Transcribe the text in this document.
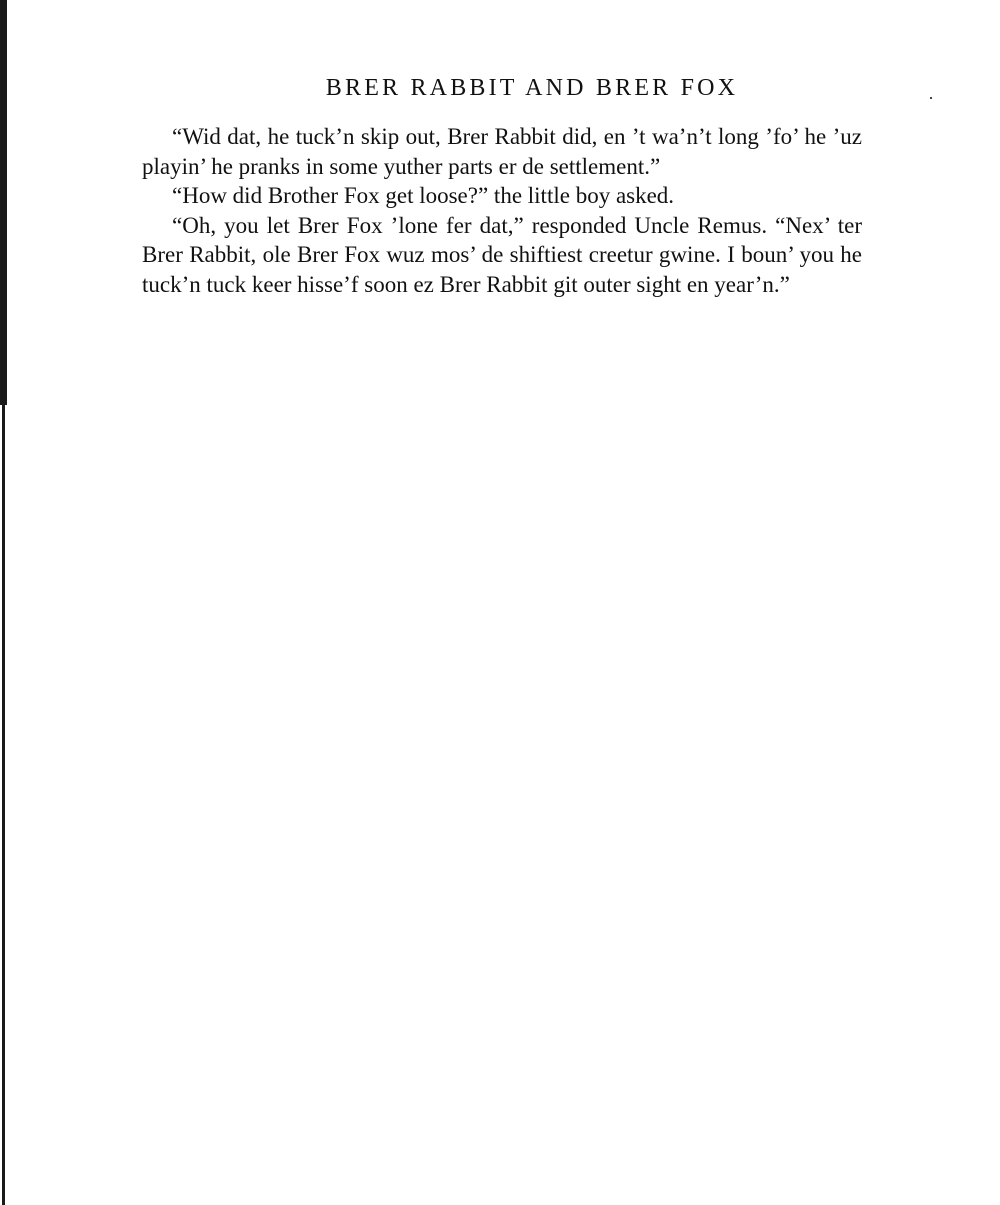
BRER RABBIT AND BRER FOX

“Wid dat, he tuck’n skip out, Brer Rabbit did, en ’t wa’n’t long ’fo’ he ’uz playin’ he pranks in some yuther parts er de settlement.”

“How did Brother Fox get loose?” the little boy asked.

“Oh, you let Brer Fox ’lone fer dat,” responded Uncle Remus. “Nex’ ter Brer Rabbit, ole Brer Fox wuz mos’ de shiftiest creetur gwine. I boun’ you he tuck’n tuck keer hisse’f soon ez Brer Rabbit git outer sight en year’n.”
